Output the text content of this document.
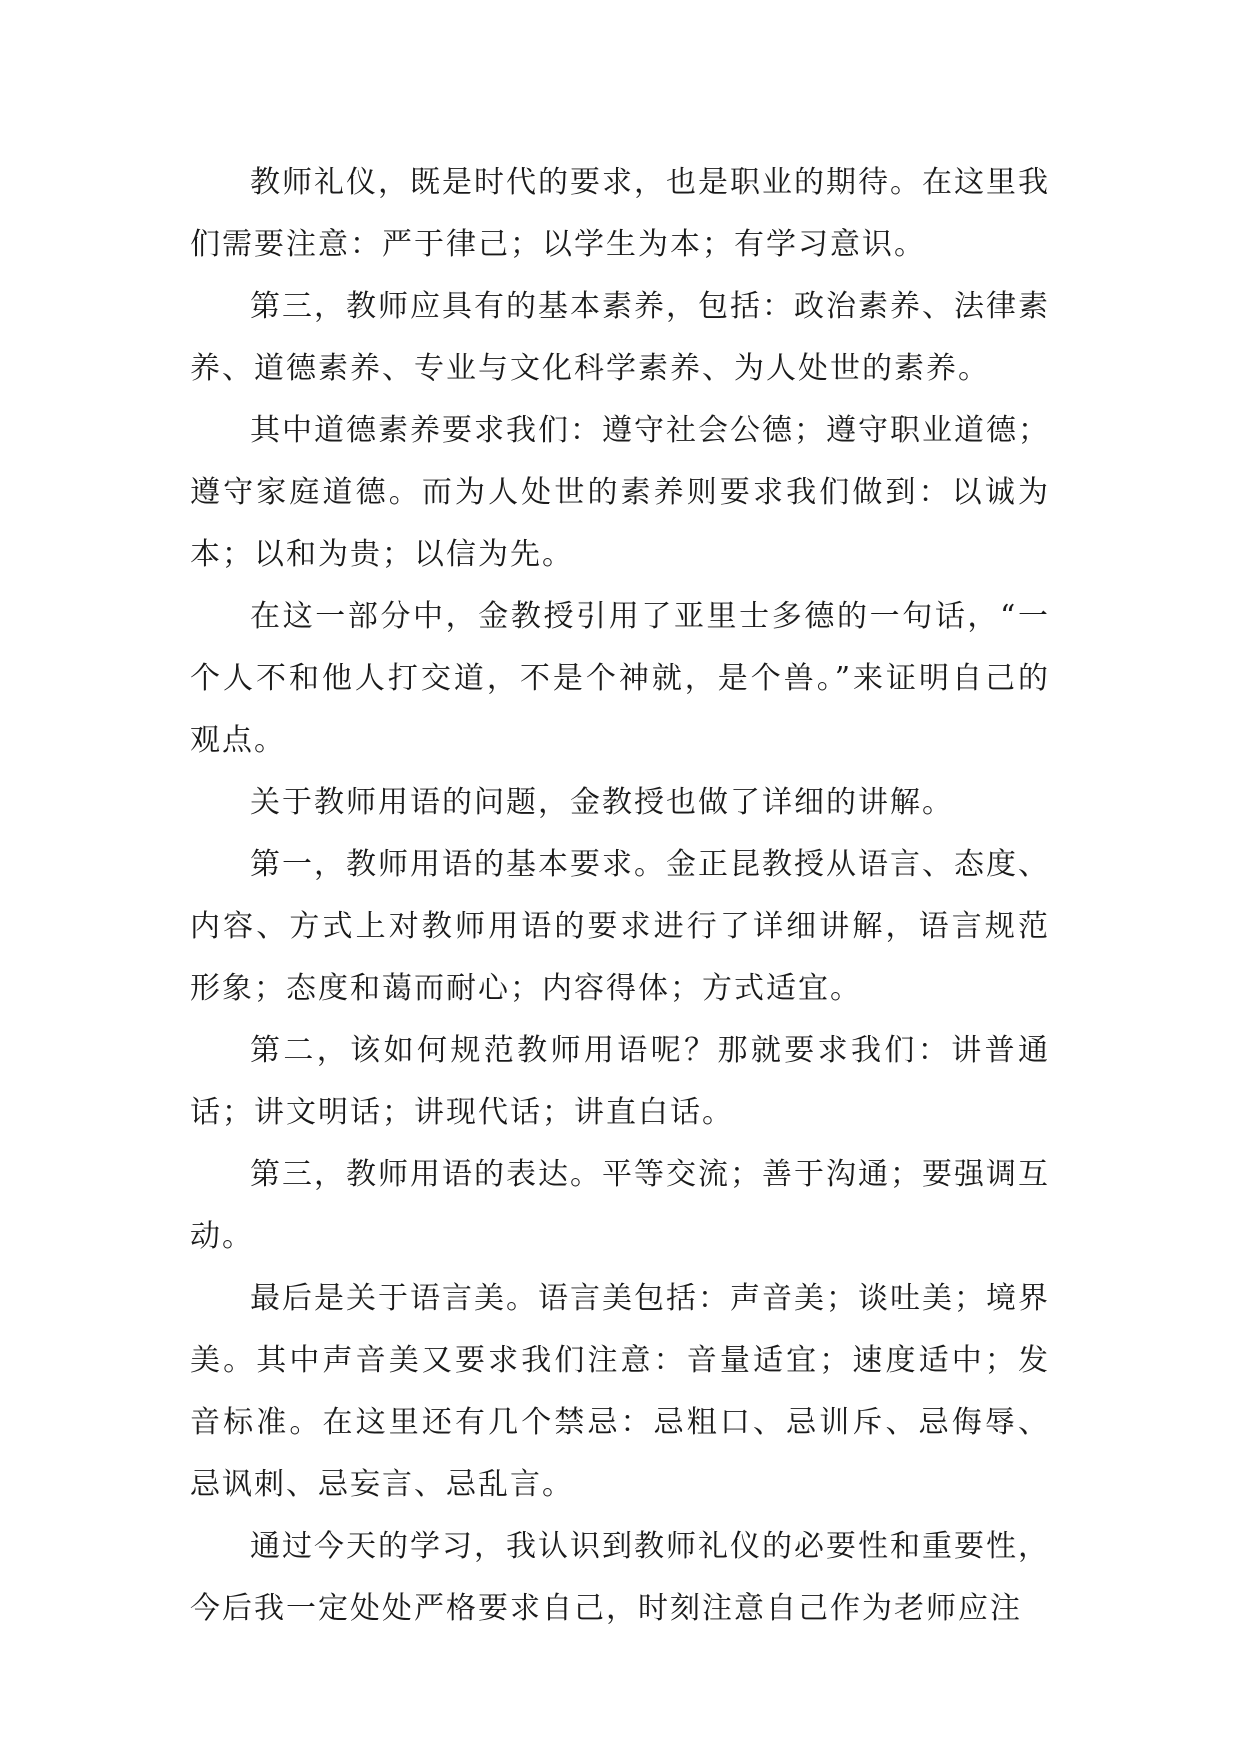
教师礼仪，既是时代的要求，也是职业的期待。在这里我们需要注意：严于律己；以学生为本；有学习意识。

第三，教师应具有的基本素养，包括：政治素养、法律素养、道德素养、专业与文化科学素养、为人处世的素养。

其中道德素养要求我们：遵守社会公德；遵守职业道德；遵守家庭道德。而为人处世的素养则要求我们做到：以诚为本；以和为贵；以信为先。

在这一部分中，金教授引用了亚里士多德的一句话，“一个人不和他人打交道，不是个神就，是个兽。”来证明自己的观点。

关于教师用语的问题，金教授也做了详细的讲解。

第一，教师用语的基本要求。金正昆教授从语言、态度、内容、方式上对教师用语的要求进行了详细讲解，语言规范形象；态度和蔼而耐心；内容得体；方式适宜。

第二，该如何规范教师用语呢？那就要求我们：讲普通话；讲文明话；讲现代话；讲直白话。

第三，教师用语的表达。平等交流；善于沟通；要强调互动。

最后是关于语言美。语言美包括：声音美；谈吐美；境界美。其中声音美又要求我们注意：音量适宜；速度适中；发音标准。在这里还有几个禁忌：忌粗口、忌训斥、忌侮辱、忌讽刺、忌妄言、忌乱言。

通过今天的学习，我认识到教师礼仪的必要性和重要性，今后我一定处处严格要求自己，时刻注意自己作为老师应注
